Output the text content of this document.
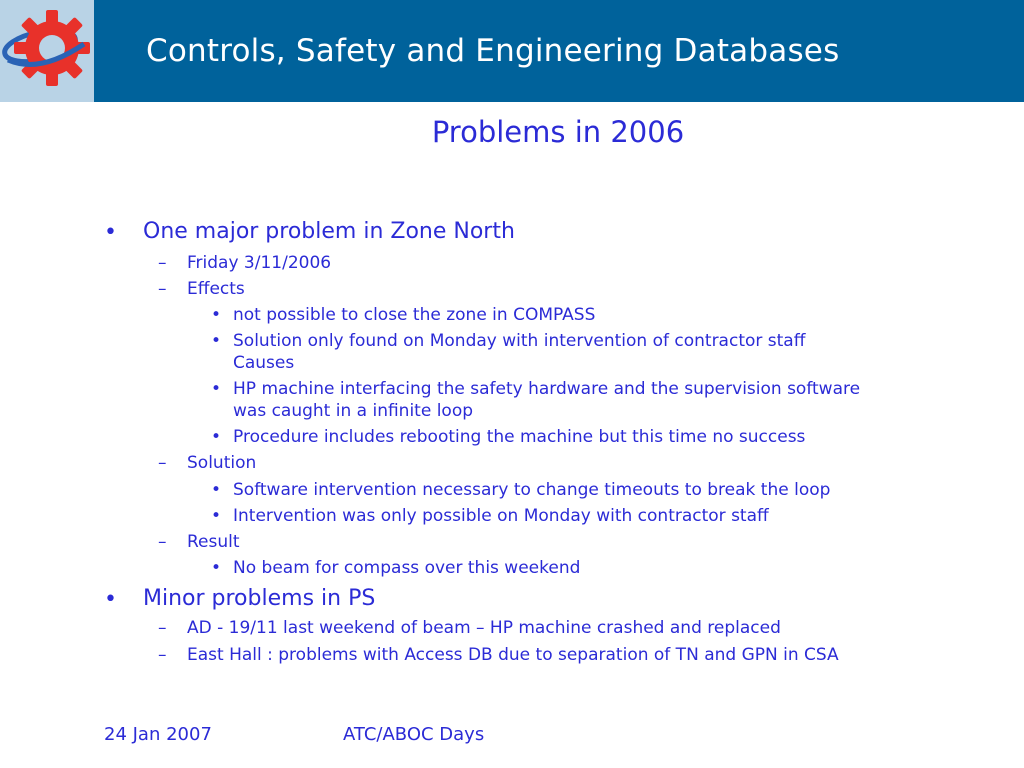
Controls, Safety and Engineering Databases
Problems in 2006
• One major problem in Zone North
– Friday 3/11/2006
– Effects
• not possible to close the zone in COMPASS
• Solution only found on Monday with intervention of contractor staff
Causes
• HP machine interfacing the safety hardware and the supervision software
was caught in a infinite loop
• Procedure includes rebooting the machine but this time no success
– Solution
• Software intervention necessary to change timeouts to break the loop
• Intervention was only possible on Monday with contractor staff
– Result
• No beam for compass over this weekend
• Minor problems in PS
– AD - 19/11 last weekend of beam – HP machine crashed and replaced
– East Hall : problems with Access DB due to separation of TN and GPN in CSA
24 Jan 2007	ATC/ABOC Days
